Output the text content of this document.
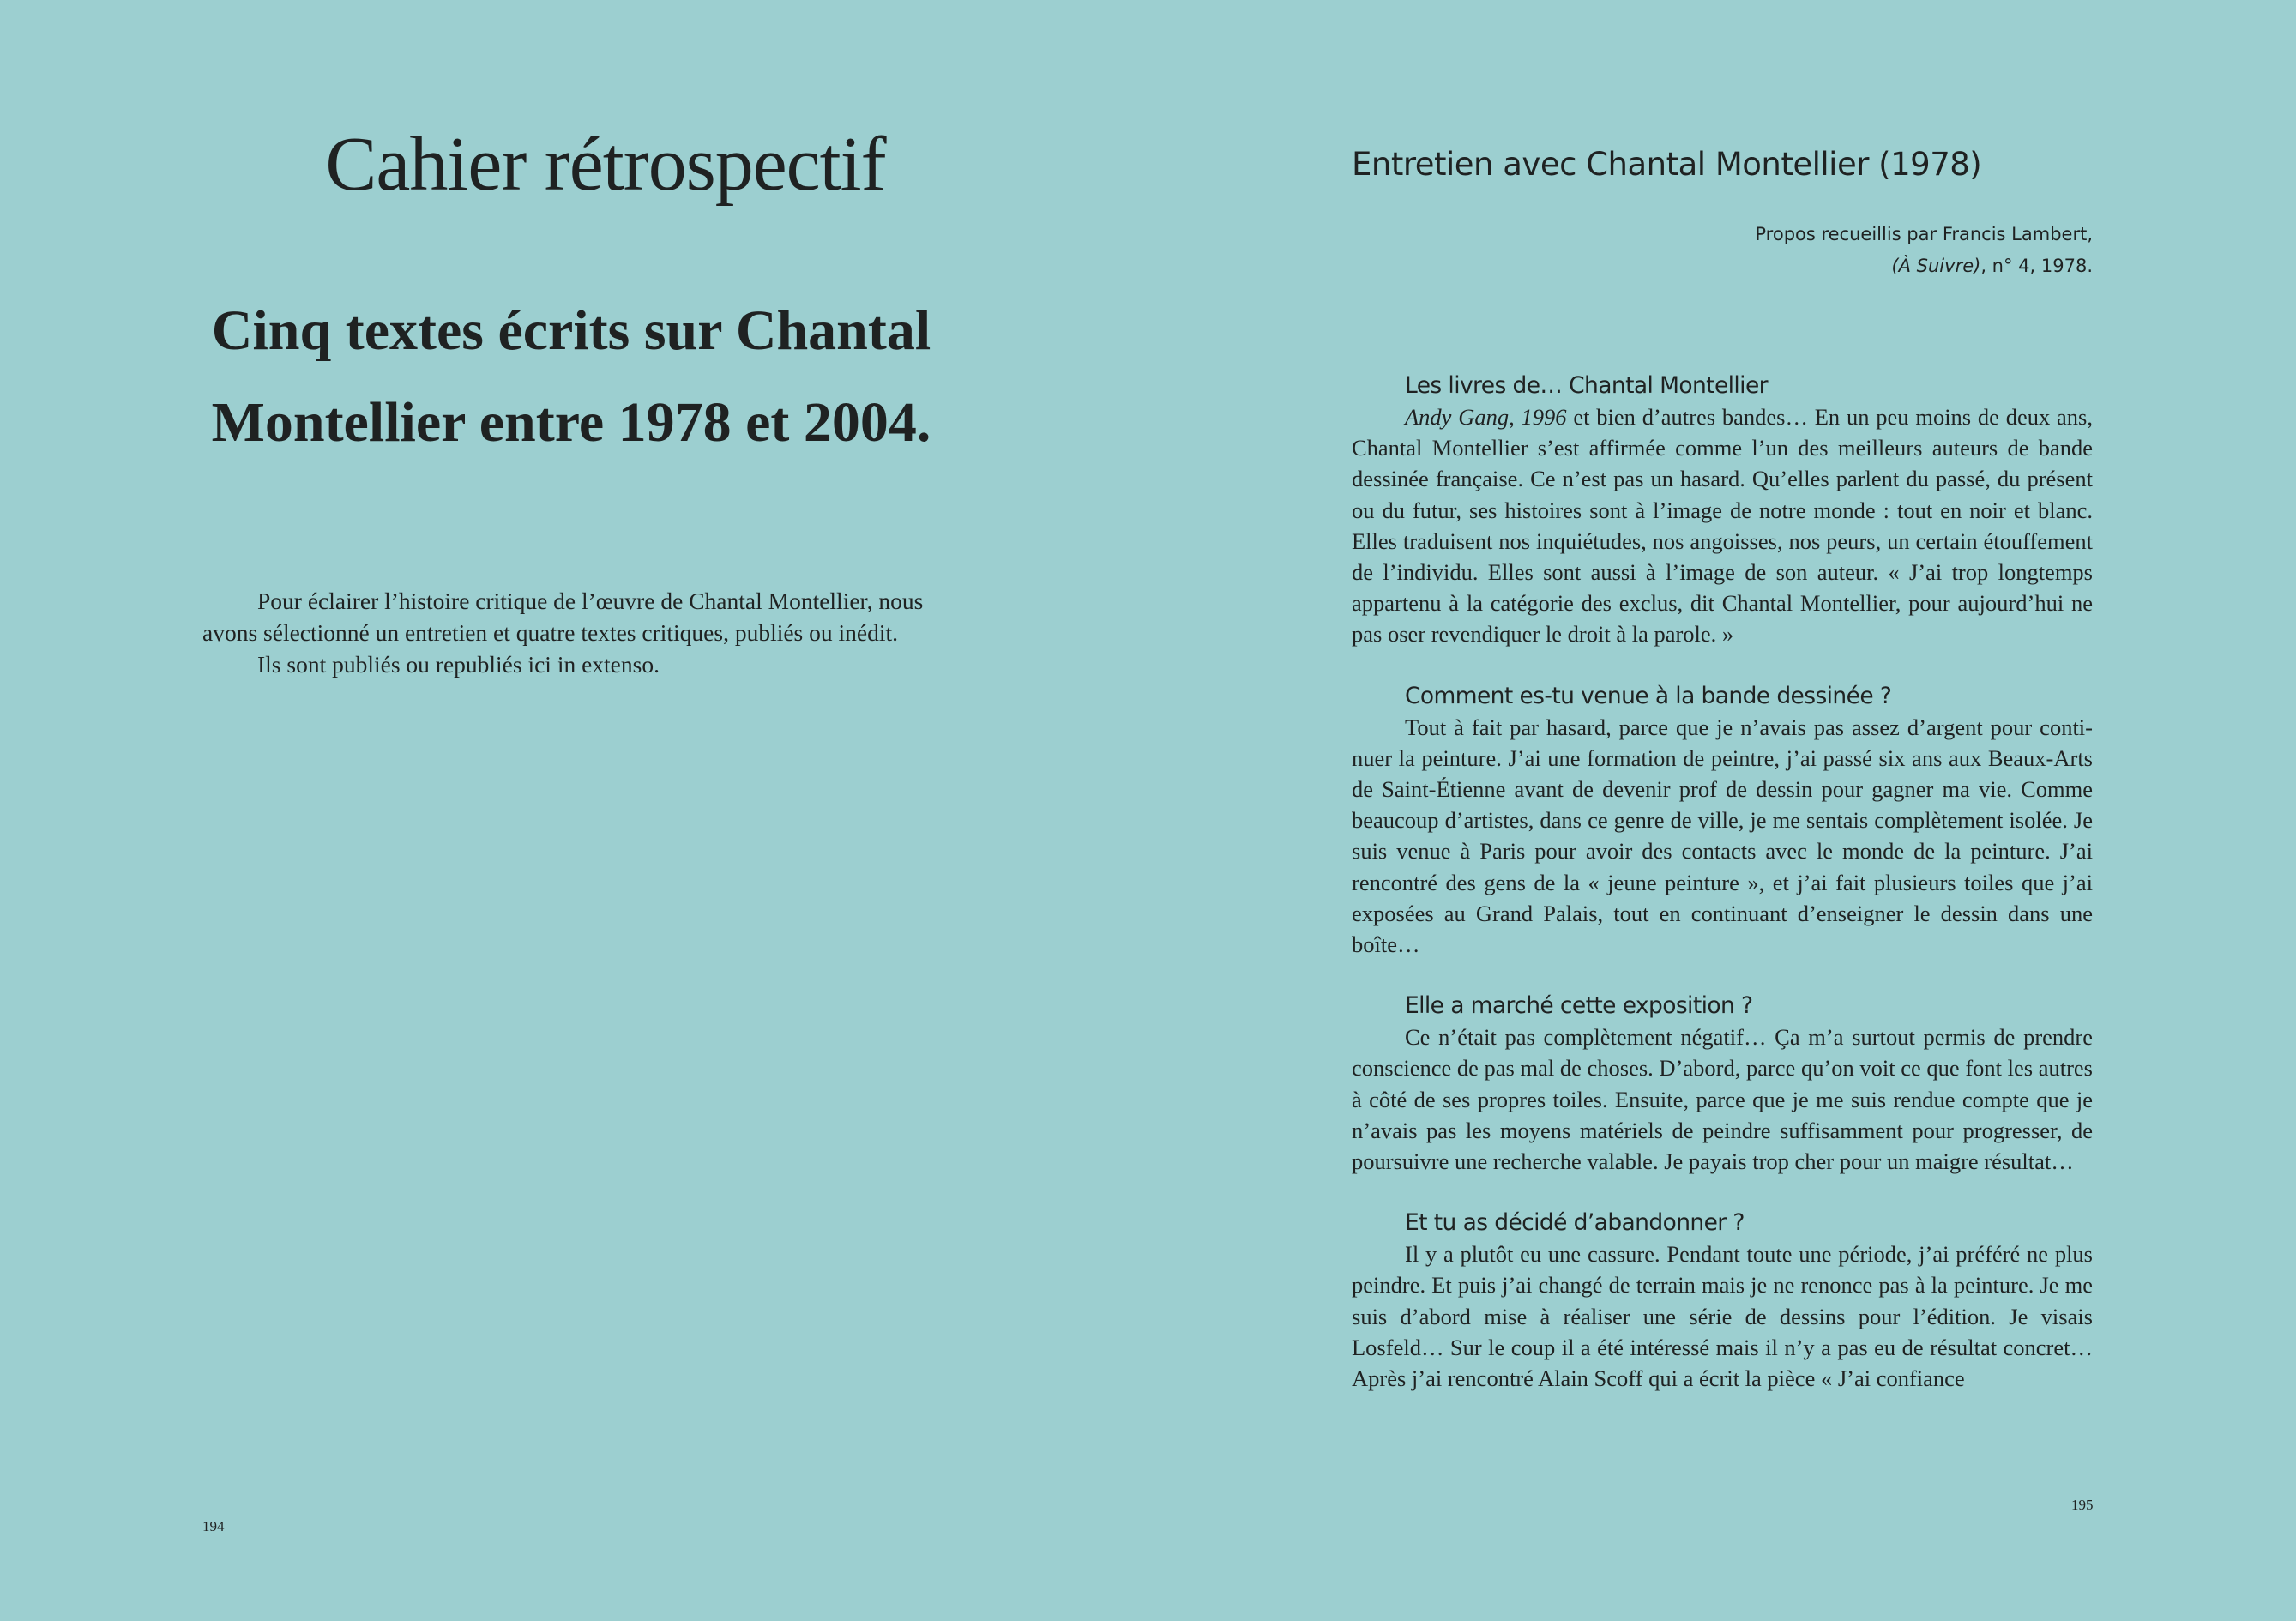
Cahier rétrospectif
Cinq textes écrits sur Chantal Montellier entre 1978 et 2004.

Pour éclairer l’histoire critique de l’œuvre de Chantal Montellier, nous avons sélectionné un entretien et quatre textes critiques, publiés ou inédit.

Ils sont publiés ou republiés ici in extenso.

194
Entretien avec Chantal Montellier (1978)
Propos recueillis par Francis Lambert,
(À Suivre), n° 4, 1978.

Les livres de… Chantal Montellier

Andy Gang, 1996 et bien d’autres bandes… En un peu moins de deux ans, Chantal Montellier s’est affirmée comme l’un des meilleurs auteurs de bande dessinée française. Ce n’est pas un hasard. Qu’elles parlent du passé, du présent ou du futur, ses histoires sont à l’image de notre monde : tout en noir et blanc. Elles traduisent nos inquiétudes, nos angoisses, nos peurs, un certain étouffement de l’individu. Elles sont aussi à l’image de son auteur. « J’ai trop longtemps appartenu à la catégorie des exclus, dit Chantal Montellier, pour aujourd’hui ne pas oser revendiquer le droit à la parole. »

Comment es-tu venue à la bande dessinée ?

Tout à fait par hasard, parce que je n’avais pas assez d’argent pour continuer la peinture. J’ai une formation de peintre, j’ai passé six ans aux Beaux-Arts de Saint-Étienne avant de devenir prof de dessin pour gagner ma vie. Comme beaucoup d’artistes, dans ce genre de ville, je me sentais complètement isolée. Je suis venue à Paris pour avoir des contacts avec le monde de la peinture. J’ai rencontré des gens de la « jeune peinture », et j’ai fait plusieurs toiles que j’ai exposées au Grand Palais, tout en continuant d’enseigner le dessin dans une boîte…

Elle a marché cette exposition ?

Ce n’était pas complètement négatif… Ça m’a surtout permis de prendre conscience de pas mal de choses. D’abord, parce qu’on voit ce que font les autres à côté de ses propres toiles. Ensuite, parce que je me suis rendue compte que je n’avais pas les moyens matériels de peindre suffisamment pour progresser, de poursuivre une recherche valable. Je payais trop cher pour un maigre résultat…

Et tu as décidé d’abandonner ?

Il y a plutôt eu une cassure. Pendant toute une période, j’ai préféré ne plus peindre. Et puis j’ai changé de terrain mais je ne renonce pas à la peinture. Je me suis d’abord mise à réaliser une série de dessins pour l’édition. Je visais Losfeld… Sur le coup il a été intéressé mais il n’y a pas eu de résultat concret… Après j’ai rencontré Alain Scoff qui a écrit la pièce « J’ai confiance

195
